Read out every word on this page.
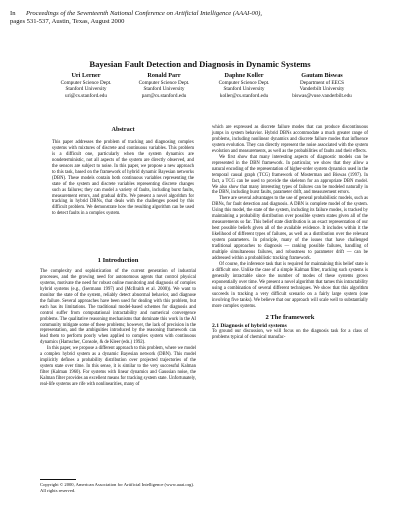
In Proceedings of the Seventeenth National Conference on Artificial Intelligence (AAAI-00),
pages 531-537, Austin, Texas, August 2000
Bayesian Fault Detection and Diagnosis in Dynamic Systems
Uri Lerner
Computer Science Dept.
Stanford University
uri@cs.stanford.edu
Ronald Parr
Computer Science Dept.
Stanford University
parr@cs.stanford.edu
Daphne Koller
Computer Science Dept.
Stanford University
koller@cs.stanford.edu
Gautam Biswas
Department of EECS
Vanderbilt University
biswas@vuse.vanderbilt.edu
Abstract

This paper addresses the problem of tracking and diagnosing complex systems with mixtures of discrete and continuous variables. This problem is a difficult one, particularly when the system dynamics are nondeterministic, not all aspects of the system are directly observed, and the sensors are subject to noise. In this paper, we propose a new approach to this task, based on the framework of hybrid dynamic Bayesian networks (DBN). These models contain both continuous variables representing the state of the system and discrete variables representing discrete changes such as failures; they can model a variety of faults, including burst faults, measurement errors, and gradual drifts. We present a novel algorithm for tracking in hybrid DBNs, that deals with the challenges posed by this difficult problem. We demonstrate how the resulting algorithm can be used to detect faults in a complex system.

1 Introduction

The complexity and sophistication of the current generation of industrial processes, and the growing need for autonomous agents that control physical systems, motivate the need for robust online monitoring and diagnosis of complex hybrid systems (e.g., (Isermann 1997) and (McIlraith et al. 2000)). We want to monitor the state of the system, reliably detect abnormal behavior, and diagnose the failure. Several approaches have been used for dealing with this problem, but each has its limitations. The traditional model-based schemes for diagnosis and control suffer from computational intractability and numerical convergence problems. The qualitative reasoning mechanisms that dominate this work in the AI community mitigate some of these problems; however, the lack of precision in the representation, and the ambiguities introduced by the reasoning framework can lead them to perform poorly when applied to complex system with continuous dynamics (Hamscher, Console, & de Kleer (eds.) 1992).

In this paper, we propose a different approach to this problem, where we model a complex hybrid system as a dynamic Bayesian network (DBN). This model implicitly defines a probability distribution over projected trajectories of the system state over time. In this sense, it is similar to the very successful Kalman filter (Kalman 1960). For systems with linear dynamics and Gaussian noise, the Kalman filter provides an excellent means for tracking system state. Unfortunately, real-life systems are rife with nonlinearities, many of

Copyright © 2000, American Association for Artificial Intelligence (www.aaai.org). All rights reserved.

which are expressed as discrete failure modes that can produce discontinuous jumps in system behavior. Hybrid DBNs accommodate a much greater range of problems, including nonlinear dynamics and discrete failure modes that influence system evolution. They can directly represent the noise associated with the system evolution and measurements, as well as the probabilities of faults and their effects.

We first show that many interesting aspects of diagnostic models can be represented in the DBN framework. In particular, we show that they allow a natural encoding of the representation of higher-order system dynamics used in the temporal causal graph (TCG) framework of Mosterman and Biswas (1997). In fact, a TCG can be used to provide the skeleton for an appropriate DBN model. We also show that many interesting types of failures can be modeled naturally in the DBN, including burst faults, parameter drift, and measurement errors.

There are several advantages to the use of general probabilistic models, such as DBNs, for fault detection and diagnosis. A DBN is complete model of the system. Using this model, the state of the system, including its failure modes, is tracked by maintaining a probability distribution over possible system states given all of the measurements so far. This belief state distribution is an exact representation of our best possible beliefs given all of the available evidence. It includes within it the likelihood of different types of failures, as well as a distribution over the relevant system parameters. In principle, many of the issues that have challenged traditional approaches to diagnosis — ranking possible failures, handling of multiple simultaneous failures, and robustness to parameter drift — can be addressed within a probabilistic tracking framework.

Of course, the inference task that is required for maintaining this belief state is a difficult one. Unlike the case of a simple Kalman filter, tracking such systems is generally intractable since the number of modes of these systems grows exponentially over time. We present a novel algorithm that tames this intractability using a combination of several different techniques. We show that this algorithm succeeds in tracking a very difficult scenario on a fairly large system (one involving five tanks). We believe that our approach will scale well to substantially more complex systems.

2 The framework
2.1 Diagnosis of hybrid systems

To ground our discussion, we will focus on the diagnosis task for a class of problems typical of chemical manufac-
